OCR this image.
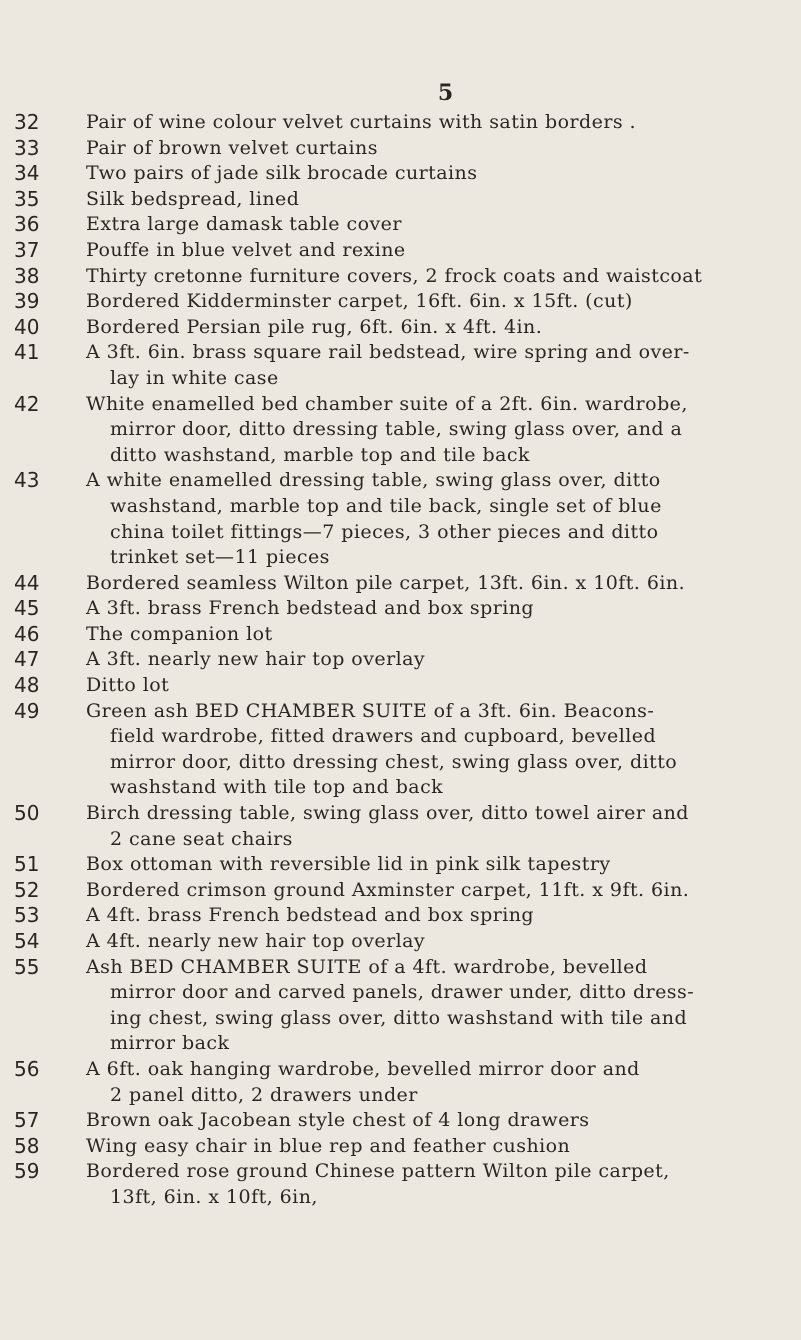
5
32	Pair of wine colour velvet curtains with satin borders .
33	Pair of brown velvet curtains
34	Two pairs of jade silk brocade curtains
35	Silk bedspread, lined
36	Extra large damask table cover
37	Pouffe in blue velvet and rexine
38	Thirty cretonne furniture covers, 2 frock coats and waistcoat
39	Bordered Kidderminster carpet, 16ft. 6in. x 15ft. (cut)
40	Bordered Persian pile rug, 6ft. 6in. x 4ft. 4in.
41	A 3ft. 6in. brass square rail bedstead, wire spring and over-
lay in white case
42	White enamelled bed chamber suite of a 2ft. 6in. wardrobe,
mirror door, ditto dressing table, swing glass over, and a
ditto washstand, marble top and tile back
43	A white enamelled dressing table, swing glass over, ditto
washstand, marble top and tile back, single set of blue
china toilet fittings—7 pieces, 3 other pieces and ditto
trinket set—11 pieces
44	Bordered seamless Wilton pile carpet, 13ft. 6in. x 10ft. 6in.
45	A 3ft. brass French bedstead and box spring
46	The companion lot
47	A 3ft. nearly new hair top overlay
48	Ditto lot
49	Green ash BED CHAMBER SUITE of a 3ft. 6in. Beacons-
field wardrobe, fitted drawers and cupboard, bevelled
mirror door, ditto dressing chest, swing glass over, ditto
washstand with tile top and back
50	Birch dressing table, swing glass over, ditto towel airer and
2 cane seat chairs
51	Box ottoman with reversible lid in pink silk tapestry
52	Bordered crimson ground Axminster carpet, 11ft. x 9ft. 6in.
53	A 4ft. brass French bedstead and box spring
54	A 4ft. nearly new hair top overlay
55	Ash BED CHAMBER SUITE of a 4ft. wardrobe, bevelled
mirror door and carved panels, drawer under, ditto dress-
ing chest, swing glass over, ditto washstand with tile and
mirror back
56	A 6ft. oak hanging wardrobe, bevelled mirror door and
2 panel ditto, 2 drawers under
57	Brown oak Jacobean style chest of 4 long drawers
58	Wing easy chair in blue rep and feather cushion
59	Bordered rose ground Chinese pattern Wilton pile carpet,
13ft, 6in. x 10ft, 6in,
